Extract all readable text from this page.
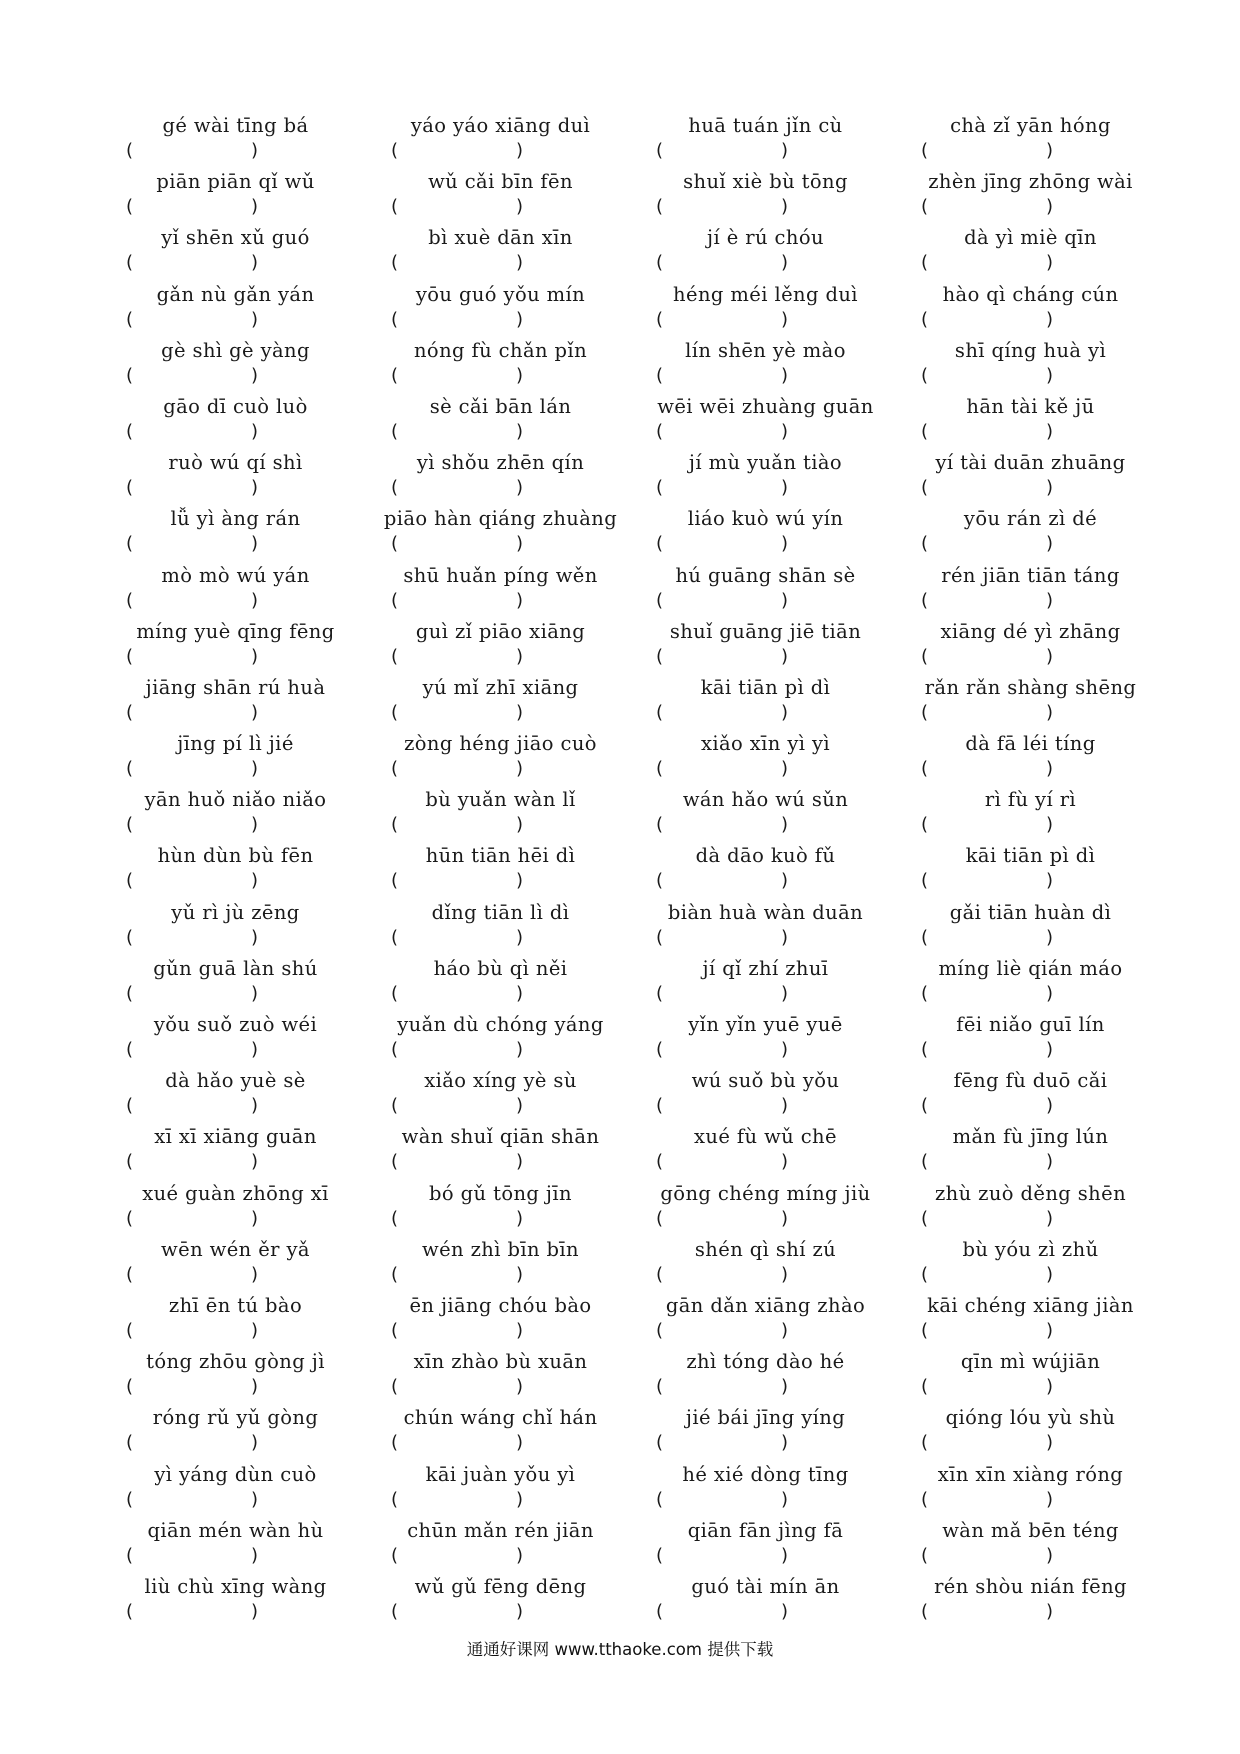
gé wài tīng bá
(	)
yáo yáo xiāng duì
(	)
huā tuán jǐn cù
(	)
chà zǐ yān hóng
(	)
piān piān qǐ wǔ
(	)
wǔ cǎi bīn fēn
(	)
shuǐ xiè bù tōng
(	)
zhèn jīng zhōng wài
(	)
yǐ shēn xǔ guó
(	)
bì xuè dān xīn
(	)
jí è rú chóu
(	)
dà yì miè qīn
(	)
gǎn nù gǎn yán
(	)
yōu guó yǒu mín
(	)
héng méi lěng duì
(	)
hào qì cháng cún
(	)
gè shì gè yàng
(	)
nóng fù chǎn pǐn
(	)
lín shēn yè mào
(	)
shī qíng huà yì
(	)
gāo dī cuò luò
(	)
sè cǎi bān lán
(	)
wēi wēi zhuàng guān
(	)
hān tài kě jū
(	)
ruò wú qí shì
(	)
yì shǒu zhēn qín
(	)
jí mù yuǎn tiào
(	)
yí tài duān zhuāng
(	)
lǚ yì àng rán
(	)
piāo hàn qiáng zhuàng
(	)
liáo kuò wú yín
(	)
yōu rán zì dé
(	)
mò mò wú yán
(	)
shū huǎn píng wěn
(	)
hú guāng shān sè
(	)
rén jiān tiān táng
(	)
míng yuè qīng fēng
(	)
guì zǐ piāo xiāng
(	)
shuǐ guāng jiē tiān
(	)
xiāng dé yì zhāng
(	)
jiāng shān rú huà
(	)
yú mǐ zhī xiāng
(	)
kāi tiān pì dì
(	)
rǎn rǎn shàng shēng
(	)
jīng pí lì jié
(	)
zòng héng jiāo cuò
(	)
xiǎo xīn yì yì
(	)
dà fā léi tíng
(	)
yān huǒ niǎo niǎo
(	)
bù yuǎn wàn lǐ
(	)
wán hǎo wú sǔn
(	)
rì fù yí rì
(	)
hùn dùn bù fēn
(	)
hūn tiān hēi dì
(	)
dà dāo kuò fǔ
(	)
kāi tiān pì dì
(	)
yǔ rì jù zēng
(	)
dǐng tiān lì dì
(	)
biàn huà wàn duān
(	)
gǎi tiān huàn dì
(	)
gǔn guā làn shú
(	)
háo bù qì něi
(	)
jí qǐ zhí zhuī
(	)
míng liè qián máo
(	)
yǒu suǒ zuò wéi
(	)
yuǎn dù chóng yáng
(	)
yǐn yǐn yuē yuē
(	)
fēi niǎo guī lín
(	)
dà hǎo yuè sè
(	)
xiǎo xíng yè sù
(	)
wú suǒ bù yǒu
(	)
fēng fù duō cǎi
(	)
xī xī xiāng guān
(	)
wàn shuǐ qiān shān
(	)
xué fù wǔ chē
(	)
mǎn fù jīng lún
(	)
xué guàn zhōng xī
(	)
bó gǔ tōng jīn
(	)
gōng chéng míng jiù
(	)
zhù zuò děng shēn
(	)
wēn wén ěr yǎ
(	)
wén zhì bīn bīn
(	)
shén qì shí zú
(	)
bù yóu zì zhǔ
(	)
zhī ēn tú bào
(	)
ēn jiāng chóu bào
(	)
gān dǎn xiāng zhào
(	)
kāi chéng xiāng jiàn
(	)
tóng zhōu gòng jì
(	)
xīn zhào bù xuān
(	)
zhì tóng dào hé
(	)
qīn mì wújiān
(	)
róng rǔ yǔ gòng
(	)
chún wáng chǐ hán
(	)
jié bái jīng yíng
(	)
qióng lóu yù shù
(	)
yì yáng dùn cuò
(	)
kāi juàn yǒu yì
(	)
hé xié dòng tīng
(	)
xīn xīn xiàng róng
(	)
qiān mén wàn hù
(	)
chūn mǎn rén jiān
(	)
qiān fān jìng fā
(	)
wàn mǎ bēn téng
(	)
liù chù xīng wàng
(	)
wǔ gǔ fēng dēng
(	)
guó tài mín ān
(	)
rén shòu nián fēng
(	)
通通好课网 www.tthaoke.com 提供下载
